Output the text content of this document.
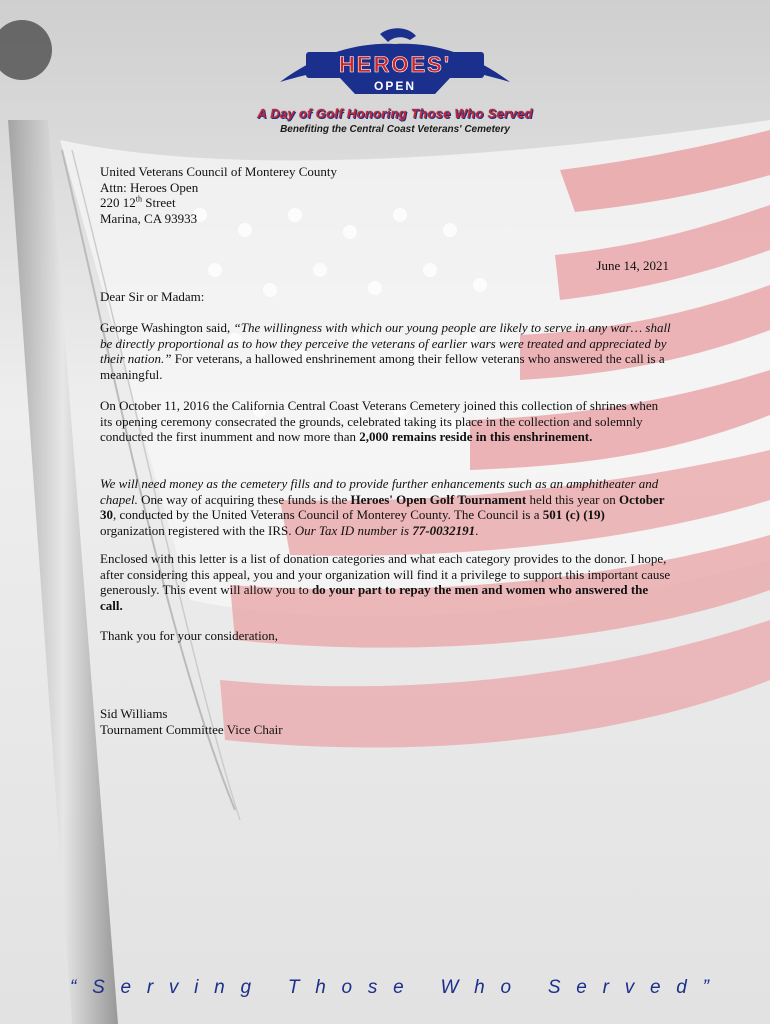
HEROES'
OPEN
A Day of Golf Honoring Those Who Served
Benefiting the Central Coast Veterans' Cemetery

United Veterans Council of Monterey County

Attn: Heroes Open

220 12th Street

Marina, CA 93933

June 14, 2021
Dear Sir or Madam:

George Washington said, “The willingness with which our young people are likely to serve in any war… shall be directly proportional as to how they perceive the veterans of earlier wars were treated and appreciated by their nation.” For veterans, a hallowed enshrinement among their fellow veterans who answered the call is a meaningful.

On October 11, 2016 the California Central Coast Veterans Cemetery joined this collection of shrines when its opening ceremony consecrated the grounds, celebrated taking its place in the collection and solemnly conducted the first inumment and now more than 2,000 remains reside in this enshrinement.

We will need money as the cemetery fills and to provide further enhancements such as an amphitheater and chapel. One way of acquiring these funds is the Heroes' Open Golf Tournament held this year on October 30, conducted by the United Veterans Council of Monterey County. The Council is a 501 (c) (19) organization registered with the IRS. Our Tax ID number is 77-0032191.

Enclosed with this letter is a list of donation categories and what each category provides to the donor. I hope, after considering this appeal, you and your organization will find it a privilege to support this important cause generously. This event will allow you to do your part to repay the men and women who answered the call.

Thank you for your consideration,

Sid Williams

Tournament Committee Vice Chair

“ S e r v i n g
T h o s e
W h o
S e r v e d ”
